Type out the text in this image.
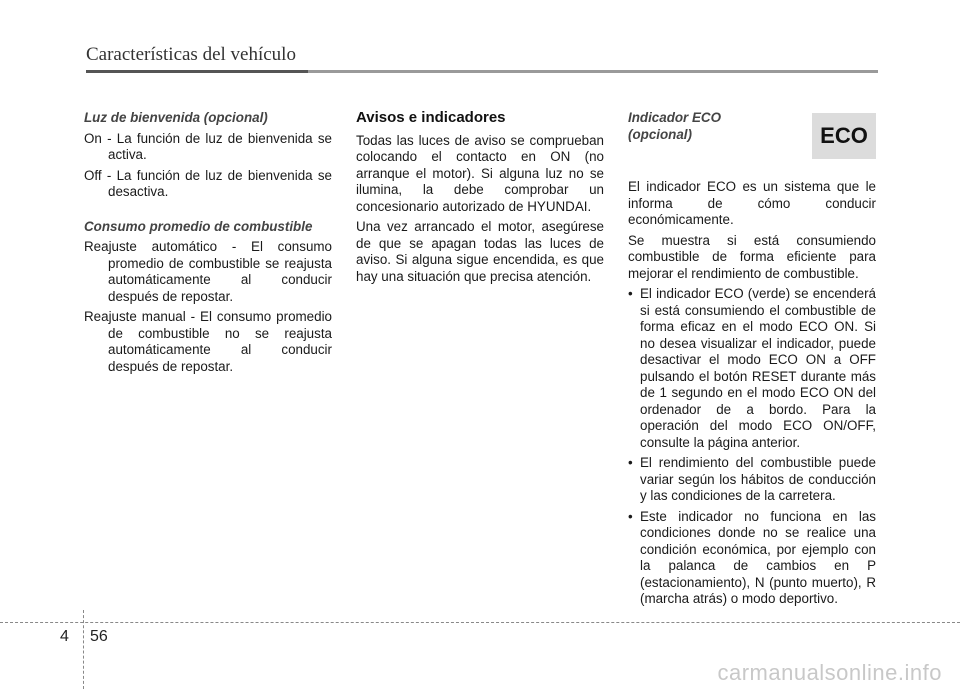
Características del vehículo
Luz de bienvenida (opcional)

On - La función de luz de bienvenida se activa.

Off - La función de luz de bienvenida se desactiva.

Consumo promedio de combustible

Reajuste automático - El consumo promedio de combustible se reajusta automáticamente al conducir después de repostar.

Reajuste manual - El consumo promedio de combustible no se reajusta automáticamente al conducir después de repostar.

Avisos e indicadores

Todas las luces de aviso se comprueban colocando el contacto en ON (no arranque el motor). Si alguna luz no se ilumina, la debe comprobar un concesionario autorizado de HYUNDAI.

Una vez arrancado el motor, asegúrese de que se apagan todas las luces de aviso. Si alguna sigue encendida, es que hay una situación que precisa atención.

Indicador ECO
(opcional)

El indicador ECO es un sistema que le informa de cómo conducir económicamente.

Se muestra si está consumiendo combustible de forma eficiente para mejorar el rendimiento de combustible.

• El indicador ECO (verde) se encenderá si está consumiendo el combustible de forma eficaz en el modo ECO ON. Si no desea visualizar el indicador, puede desactivar el modo ECO ON a OFF pulsando el botón RESET durante más de 1 segundo en el modo ECO ON del ordenador de a bordo. Para la operación del modo ECO ON/OFF, consulte la página anterior.
• El rendimiento del combustible puede variar según los hábitos de conducción y las condiciones de la carretera.
• Este indicador no funciona en las condiciones donde no se realice una condición económica, por ejemplo con la palanca de cambios en P (estacionamiento), N (punto muerto), R (marcha atrás) o modo deportivo.
ECO
4 56
carmanualsonline.info
